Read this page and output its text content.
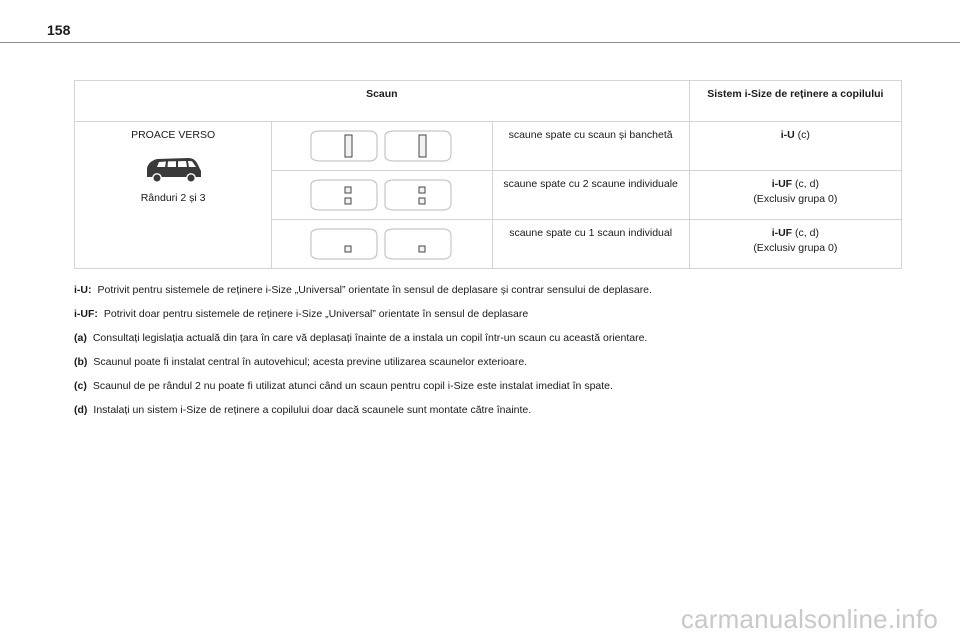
158
Scaun			Sistem i-Size de reținere a copilului

PROACE VERSO
Rânduri 2 și 3		scaune spate cu scaun și banchetă	i-U (c)

	scaune spate cu 2 scaune individuale	i-UF (c, d)
(Exclusiv grupa 0)

	scaune spate cu 1 scaun individual	i-UF (c, d)
(Exclusiv grupa 0)
i-U: Potrivit pentru sistemele de reținere i-Size „Universal” orientate în sensul de deplasare și contrar sensului de deplasare.
i-UF: Potrivit doar pentru sistemele de reținere i-Size „Universal” orientate în sensul de deplasare
(a) Consultați legislația actuală din țara în care vă deplasați înainte de a instala un copil într-un scaun cu această orientare.
(b) Scaunul poate fi instalat central în autovehicul; acesta previne utilizarea scaunelor exterioare.
(c) Scaunul de pe rândul 2 nu poate fi utilizat atunci când un scaun pentru copil i-Size este instalat imediat în spate.
(d) Instalați un sistem i-Size de reținere a copilului doar dacă scaunele sunt montate către înainte.
carmanualsonline.info
